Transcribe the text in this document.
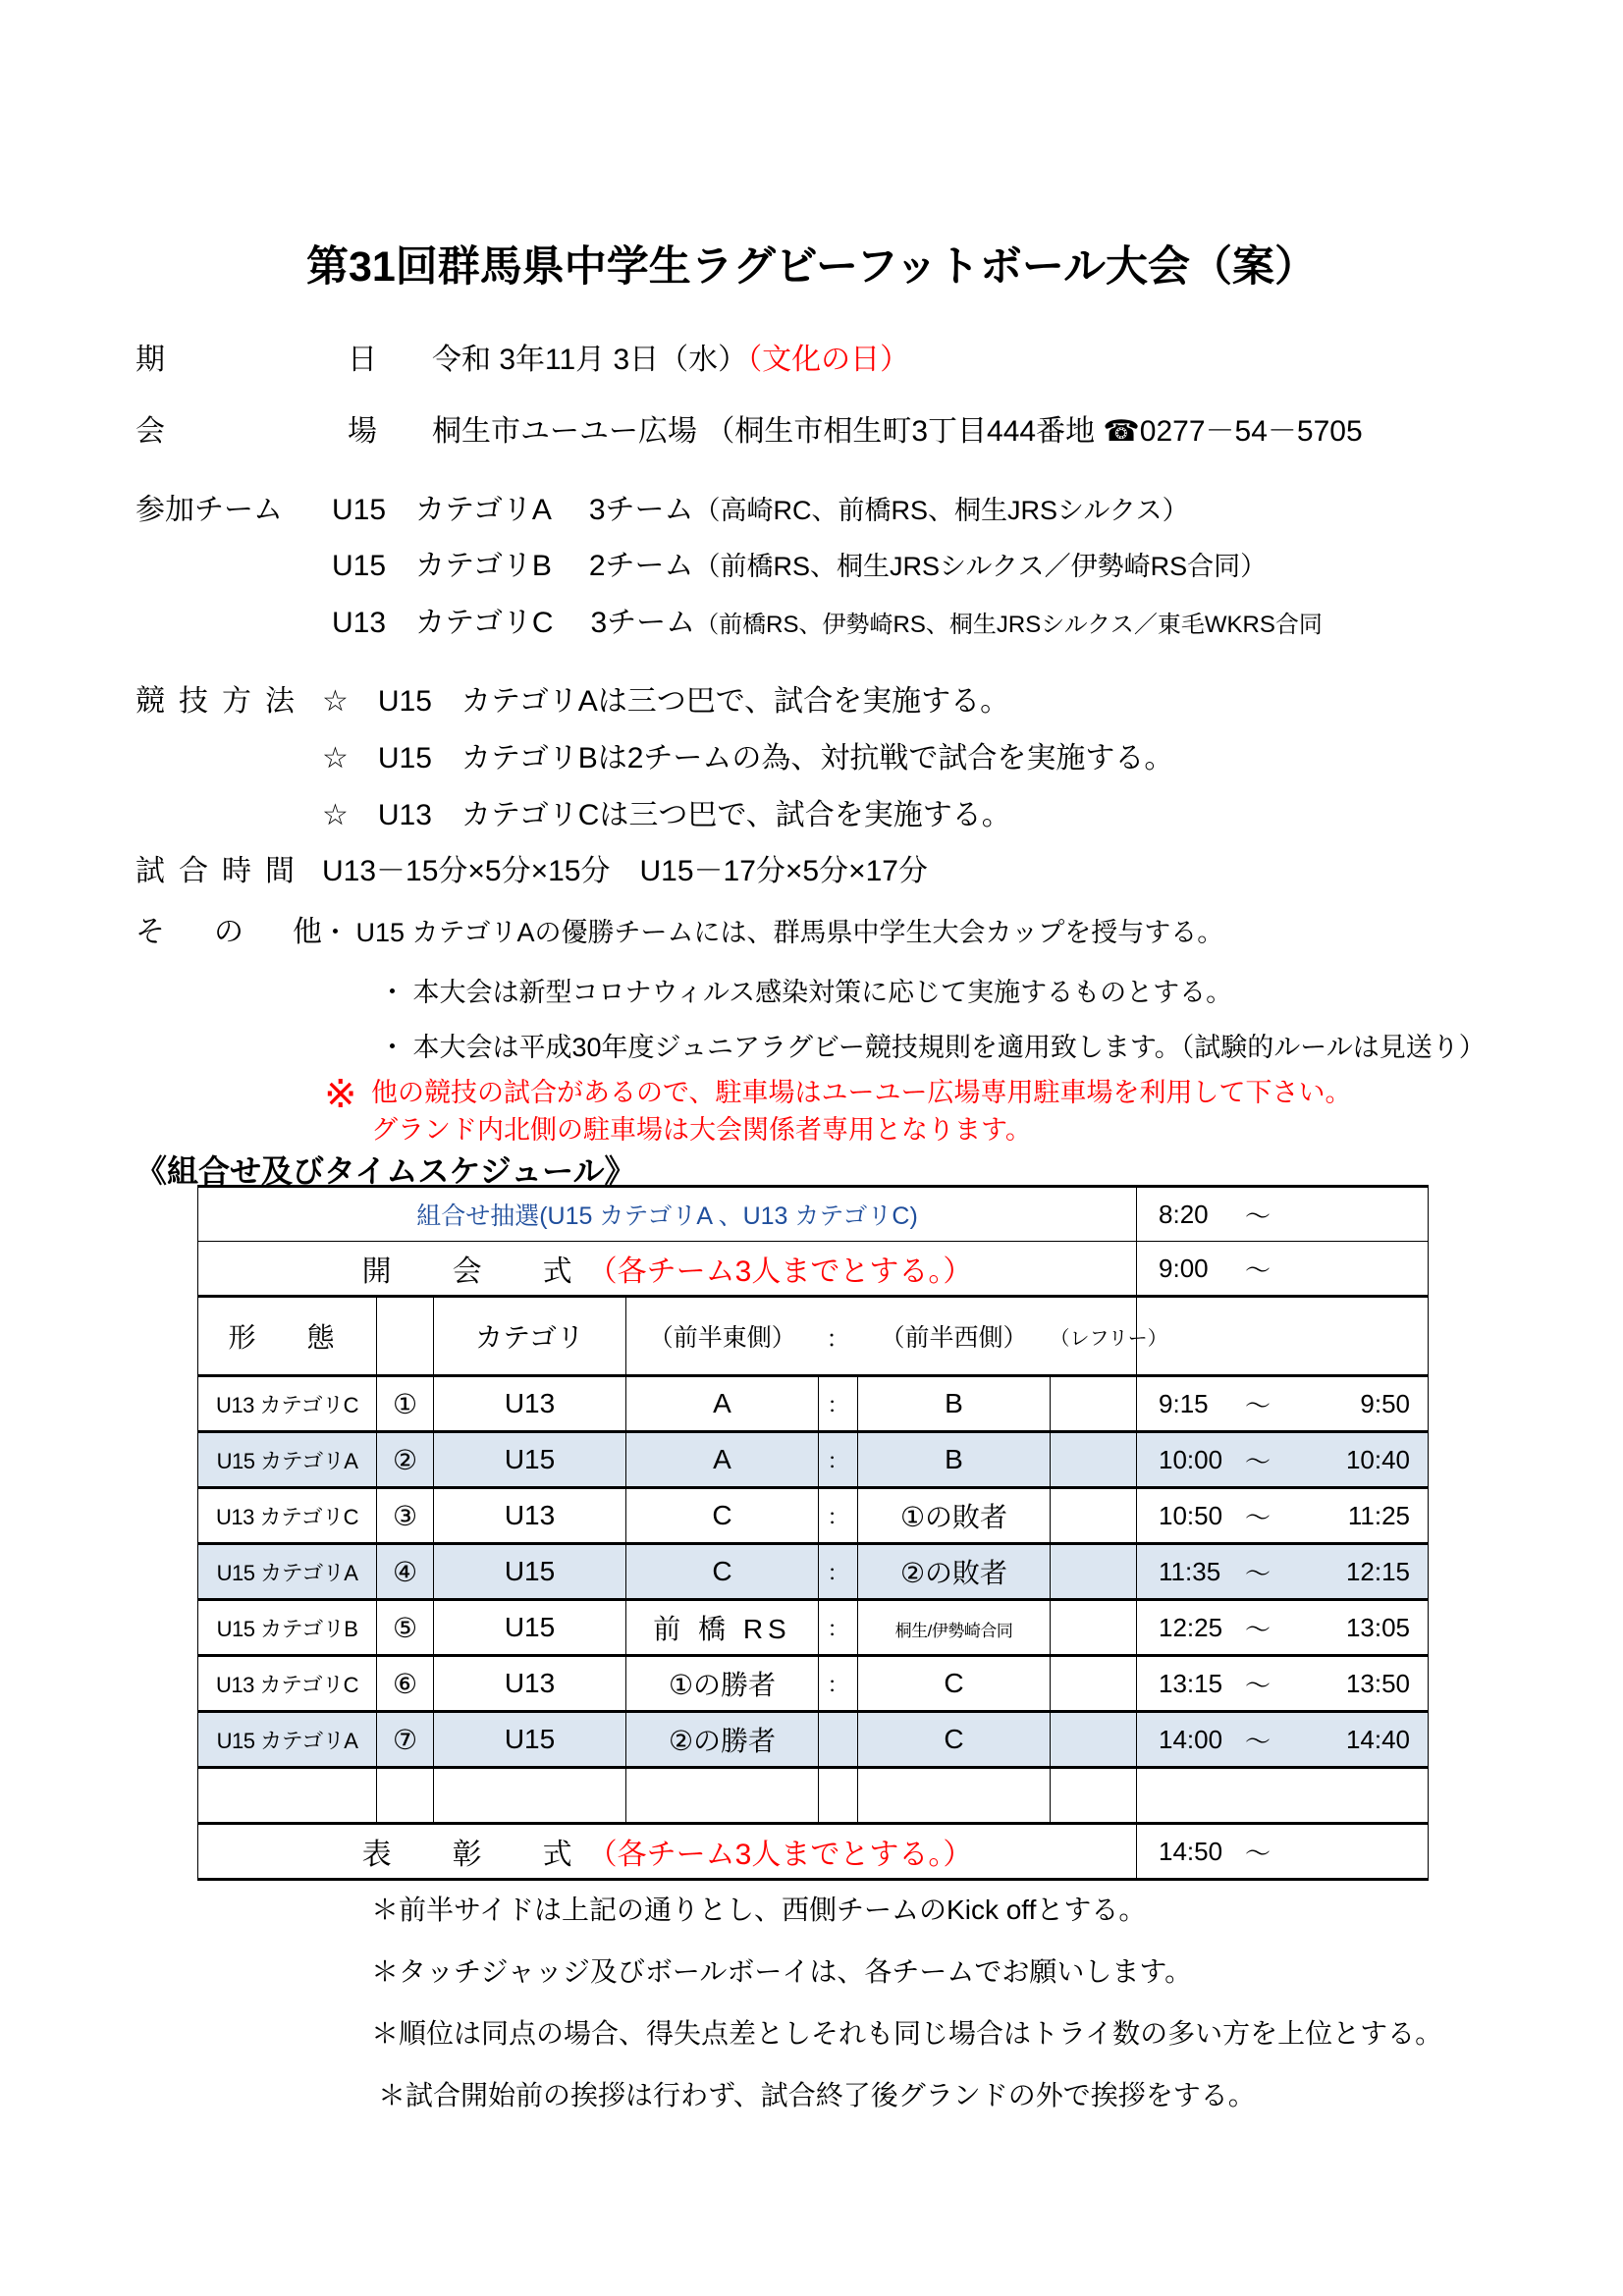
第31回群馬県中学生ラグビーフットボール大会（案）
期　　　日 令和 3年11月 3日（水）（文化の日）
会　　　場 桐生市ユーユー広場 （桐生市相生町3丁目444番地 ☎0277－54－5705
参加チーム U15　カテゴリA 3チーム（高崎RC、前橋RS、桐生JRSシルクス）
U15　カテゴリB 2チーム（前橋RS、桐生JRSシルクス／伊勢崎RS合同）
U13　カテゴリC 3チーム（前橋RS、伊勢崎RS、桐生JRSシルクス／東毛WKRS合同
競技方法 ☆　U15　カテゴリAは三つ巴で、試合を実施する。
☆　U15　カテゴリBは2チームの為、対抗戦で試合を実施する。
☆　U13　カテゴリCは三つ巴で、試合を実施する。
試合時間 U13－15分×5分×15分　U15－17分×5分×17分
そ　の　他・ U15 カテゴリAの優勝チームには、群馬県中学生大会カップを授与する。
・ 本大会は新型コロナウィルス感染対策に応じて実施するものとする。
・ 本大会は平成30年度ジュニアラグビー競技規則を適用致します。（試験的ルールは見送り）
※ 他の競技の試合があるので、駐車場はユーユー広場専用駐車場を利用して下さい。
グランド内北側の駐車場は大会関係者専用となります。
《組合せ及びタイムスケジュール》
組合せ抽選(U15 カテゴリA 、U13 カテゴリC)							8:20 〜

開　会　式（各チーム3人までとする。）							9:00 〜

形　態		カテゴリ	（前半東側）	：	（前半西側）	（レフリー）	
U13 カテゴリC	①	U13	A	：	B		9:15 〜 9:50

U15 カテゴリA	②	U15	A	：	B		10:00 〜 10:40

U13 カテゴリC	③	U13	C	：	①の敗者		10:50 〜 11:25

U15 カテゴリA	④	U15	C	：	②の敗者		11:35 〜 12:15

U15 カテゴリB	⑤	U15	前 橋 RS	：	桐生/伊勢崎合同		12:25 〜 13:05

U13 カテゴリC	⑥	U13	①の勝者	：	C		13:15 〜 13:50

U15 カテゴリA	⑦	U15	②の勝者		C		14:00 〜 14:40

表　彰　式（各チーム3人までとする。）							14:50 〜
＊前半サイドは上記の通りとし、西側チームのKick offとする。
＊タッチジャッジ及びボールボーイは、各チームでお願いします。
＊順位は同点の場合、得失点差としそれも同じ場合はトライ数の多い方を上位とする。
＊試合開始前の挨拶は行わず、試合終了後グランドの外で挨拶をする。
